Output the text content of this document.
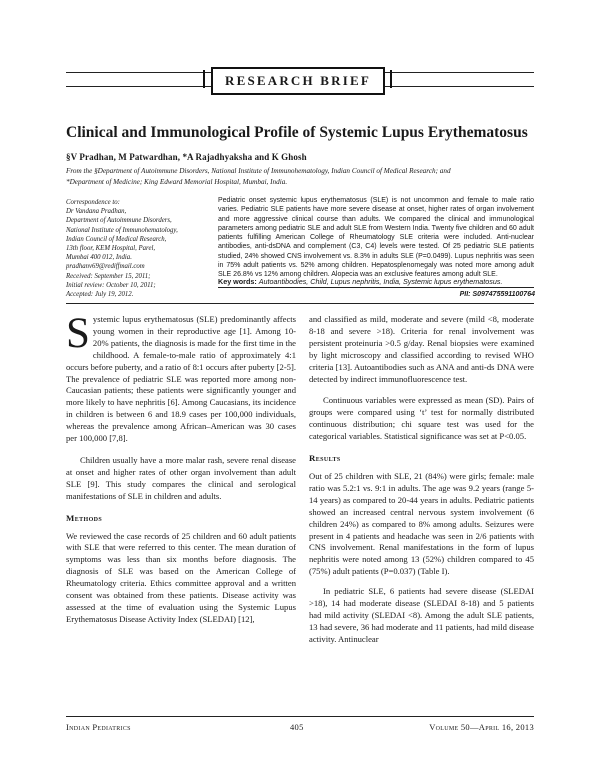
RESEARCH BRIEF
Clinical and Immunological Profile of Systemic Lupus Erythematosus
§V Pradhan, M Patwardhan, *A Rajadhyaksha and K Ghosh
From the §Department of Autoimmune Disorders, National Institute of Immunohematology, Indian Council of Medical Research; and
*Department of Medicine; King Edward Memorial Hospital, Mumbai, India.
Correspondence to:
Dr Vandana Pradhan,
Department of Autoimmune Disorders,
National Institute of Immunohematology,
Indian Council of Medical Research,
13th floor, KEM Hospital, Parel,
Mumbai 400 012, India.
pradhanv69@rediffmail.com
Received: September 15, 2011;
Initial review: October 10, 2011;
Accepted: July 19, 2012.
Pediatric onset systemic lupus erythematosus (SLE) is not uncommon and female to male ratio varies. Pediatric SLE patients have more severe disease at onset, higher rates of organ involvement and more aggressive clinical course than adults. We compared the clinical and immunological parameters among pediatric SLE and adult SLE from Western India. Twenty five children and 60 adult patients fulfilling American College of Rheumatology SLE criteria were included. Anti-nuclear antibodies, anti-dsDNA and complement (C3, C4) levels were tested. Of 25 pediatric SLE patients studied, 24% showed CNS involvement vs. 8.3% in adults SLE (P=0.0499). Lupus nephritis was seen in 75% adult patients vs. 52% among children. Hepatosplenomegaly was noted more among adult SLE 26.8% vs 12% among children. Alopecia was an exclusive features among adult SLE.
Key words: Autoantibodies, Child, Lupus nephritis, India, Systemic lupus erythematosus.
PII: S097475591100764

Systemic lupus erythematosus (SLE) predominantly affects young women in their reproductive age [1]. Among 10-20% patients, the diagnosis is made for the first time in the childhood. A female-to-male ratio of approximately 4:1 occurs before puberty, and a ratio of 8:1 occurs after puberty [2-5]. The prevalence of pediatric SLE was reported more among non-Caucasian patients; these patients were significantly younger and more likely to have nephritis [6]. Among Caucasians, its incidence in children is between 6 and 18.9 cases per 100,000 individuals, whereas the prevalence among African–American was 30 cases per 100,000 [7,8].

Children usually have a more malar rash, severe renal disease at onset and higher rates of other organ involvement than adult SLE [9]. This study compares the clinical and serological manifestations of SLE in children and adults.

Methods

We reviewed the case records of 25 children and 60 adult patients with SLE that were referred to this center. The mean duration of symptoms was less than six months before diagnosis. The diagnosis of SLE was based on the American College of Rheumatology criteria. Ethics committee approval and a written consent was obtained from these patients. Disease activity was assessed at the time of evaluation using the Systemic Lupus Erythematosus Disease Activity Index (SLEDAI) [12],

and classified as mild, moderate and severe (mild <8, moderate 8-18 and severe >18). Criteria for renal involvement was persistent proteinuria >0.5 g/day. Renal biopsies were examined by light microscopy and classified according to revised WHO criteria [13]. Autoantibodies such as ANA and anti-ds DNA were detected by indirect immunofluorescence test.

Continuous variables were expressed as mean (SD). Pairs of groups were compared using ‘t’ test for normally distributed continuous distribution; chi square test was used for the categorical variables. Statistical significance was set at P<0.05.

Results

Out of 25 children with SLE, 21 (84%) were girls; female: male ratio was 5.2:1 vs. 9:1 in adults. The age was 9.2 years (range 5-14 years) as compared to 20-44 years in adults. Pediatric patients showed an increased central nervous system involvement (6 children 24%) as compared to 8% among adults. Seizures were present in 4 patients and headache was seen in 2/6 patients with CNS involvement. Renal manifestations in the form of lupus nephritis were noted among 13 (52%) children compared to 45 (75%) adult patients (P=0.037) (Table I).

In pediatric SLE, 6 patients had severe disease (SLEDAI >18), 14 had moderate disease (SLEDAI 8-18) and 5 patients had mild activity (SLEDAI <8). Among the adult SLE patients, 13 had severe, 36 had moderate and 11 patients, had mild disease activity. Antinuclear

Indian Pediatrics	405	Volume 50—April 16, 2013
